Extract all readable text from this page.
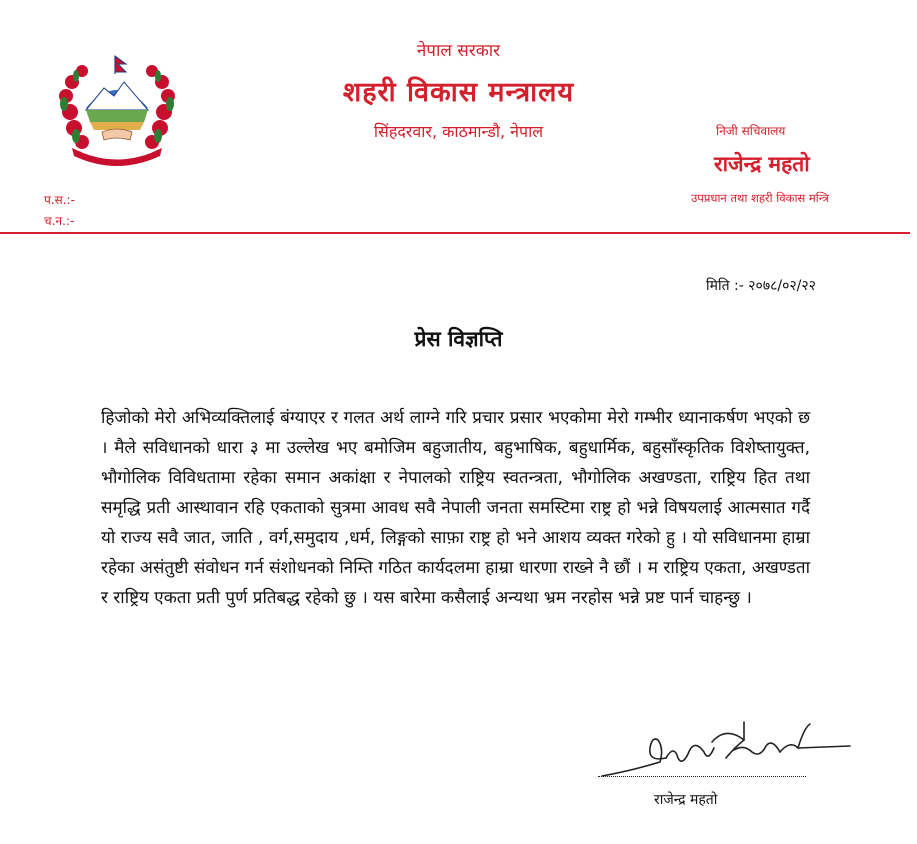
नेपाल सरकार
शहरी विकास मन्त्रालय
सिंहदरवार, काठमान्डौ, नेपाल	निजी सचिवालय
राजेन्द्र महतो
उपप्रधान तथा शहरी विकास मन्त्रि
प.स.:-
च.न.:-
मिति :- २०७८/०२/२२
प्रेस विज्ञप्ति
हिजोको मेरो अभिव्यक्तिलाई बंग्याएर र गलत अर्थ लाग्ने गरि प्रचार प्रसार भएकोमा मेरो गम्भीर ध्यानाकर्षण भएको छ । मैले सविधानको धारा ३ मा उल्लेख भए बमोजिम बहुजातीय, बहुभाषिक, बहुधार्मिक, बहुसाँस्कृतिक विशेष्तायुक्त, भौगोलिक विविधतामा रहेका समान अकांक्षा र नेपालको राष्ट्रिय स्वतन्त्रता, भौगोलिक अखण्डता, राष्ट्रिय हित तथा समृद्धि प्रती आस्थावान रहि एकताको सुत्रमा आवध सवै नेपाली जनता समस्टिमा राष्ट्र हो भन्ने विषयलाई आत्मसात गर्दै यो राज्य सवै जात, जाति , वर्ग,समुदाय ,धर्म, लिङ्गको साफ़ा राष्ट्र हो भने आशय व्यक्त गरेको हु । यो सविधानमा हाम्रा रहेका असंतुष्टी संवोधन गर्न संशोधनको निम्ति गठित कार्यदलमा हाम्रा धारणा राख्ने नै छौं । म राष्ट्रिय एकता, अखण्डता र राष्ट्रिय एकता प्रती पुर्ण प्रतिबद्ध रहेको छु । यस बारेमा कसैलाई अन्यथा भ्रम नरहोस भन्ने प्रष्ट पार्न चाहन्छु ।
राजेन्द्र महतो
